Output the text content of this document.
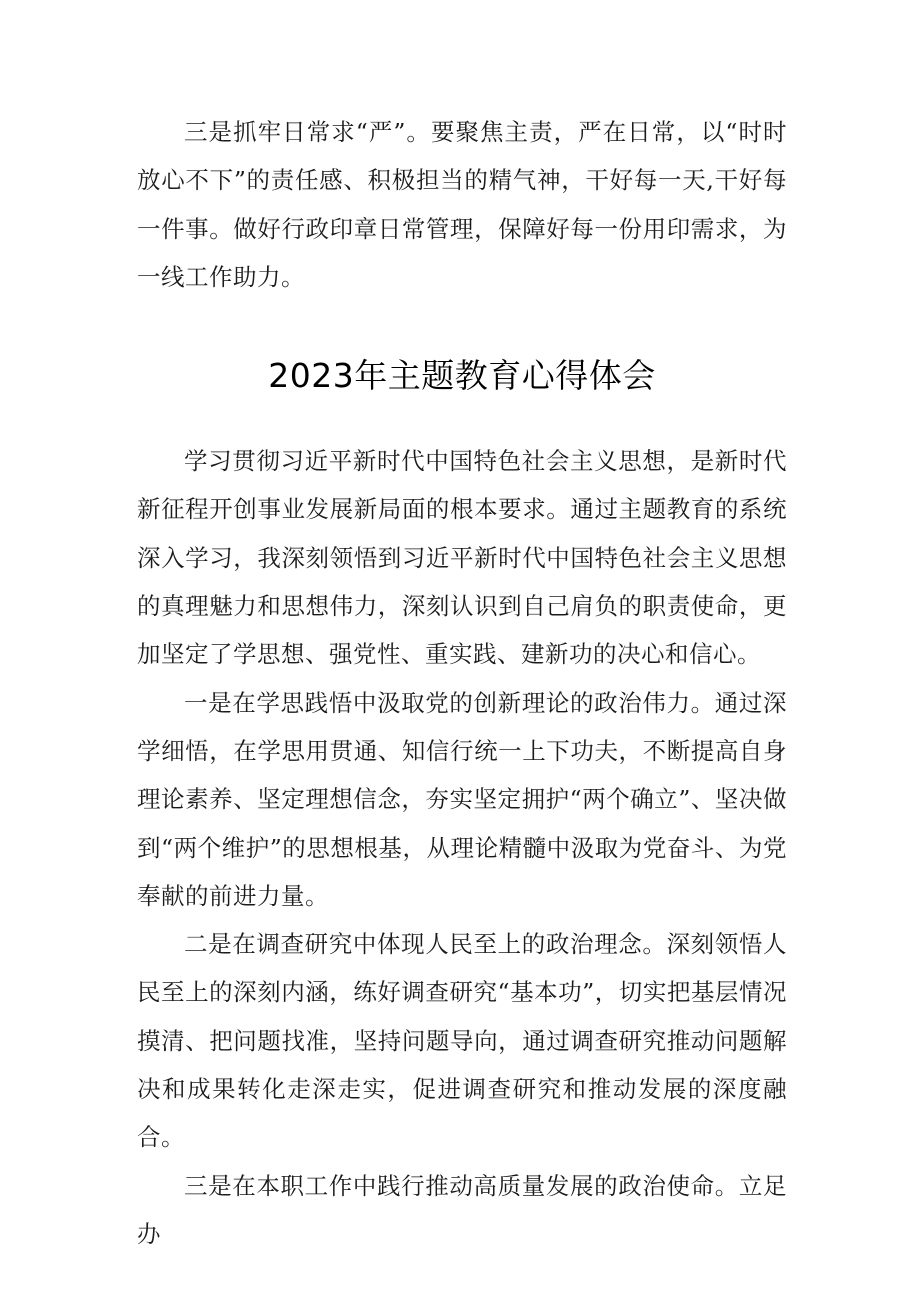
三是抓牢日常求“严”。要聚焦主责，严在日常，以“时时放心不下”的责任感、积极担当的精气神，干好每一天,干好每一件事。做好行政印章日常管理，保障好每一份用印需求，为一线工作助力。

2023年主题教育心得体会

学习贯彻习近平新时代中国特色社会主义思想，是新时代新征程开创事业发展新局面的根本要求。通过主题教育的系统深入学习，我深刻领悟到习近平新时代中国特色社会主义思想的真理魅力和思想伟力，深刻认识到自己肩负的职责使命，更加坚定了学思想、强党性、重实践、建新功的决心和信心。

一是在学思践悟中汲取党的创新理论的政治伟力。通过深学细悟，在学思用贯通、知信行统一上下功夫，不断提高自身理论素养、坚定理想信念，夯实坚定拥护“两个确立”、坚决做到“两个维护”的思想根基，从理论精髓中汲取为党奋斗、为党奉献的前进力量。

二是在调查研究中体现人民至上的政治理念。深刻领悟人民至上的深刻内涵，练好调查研究“基本功”，切实把基层情况摸清、把问题找准，坚持问题导向，通过调查研究推动问题解决和成果转化走深走实，促进调查研究和推动发展的深度融合。

三是在本职工作中践行推动高质量发展的政治使命。立足办
